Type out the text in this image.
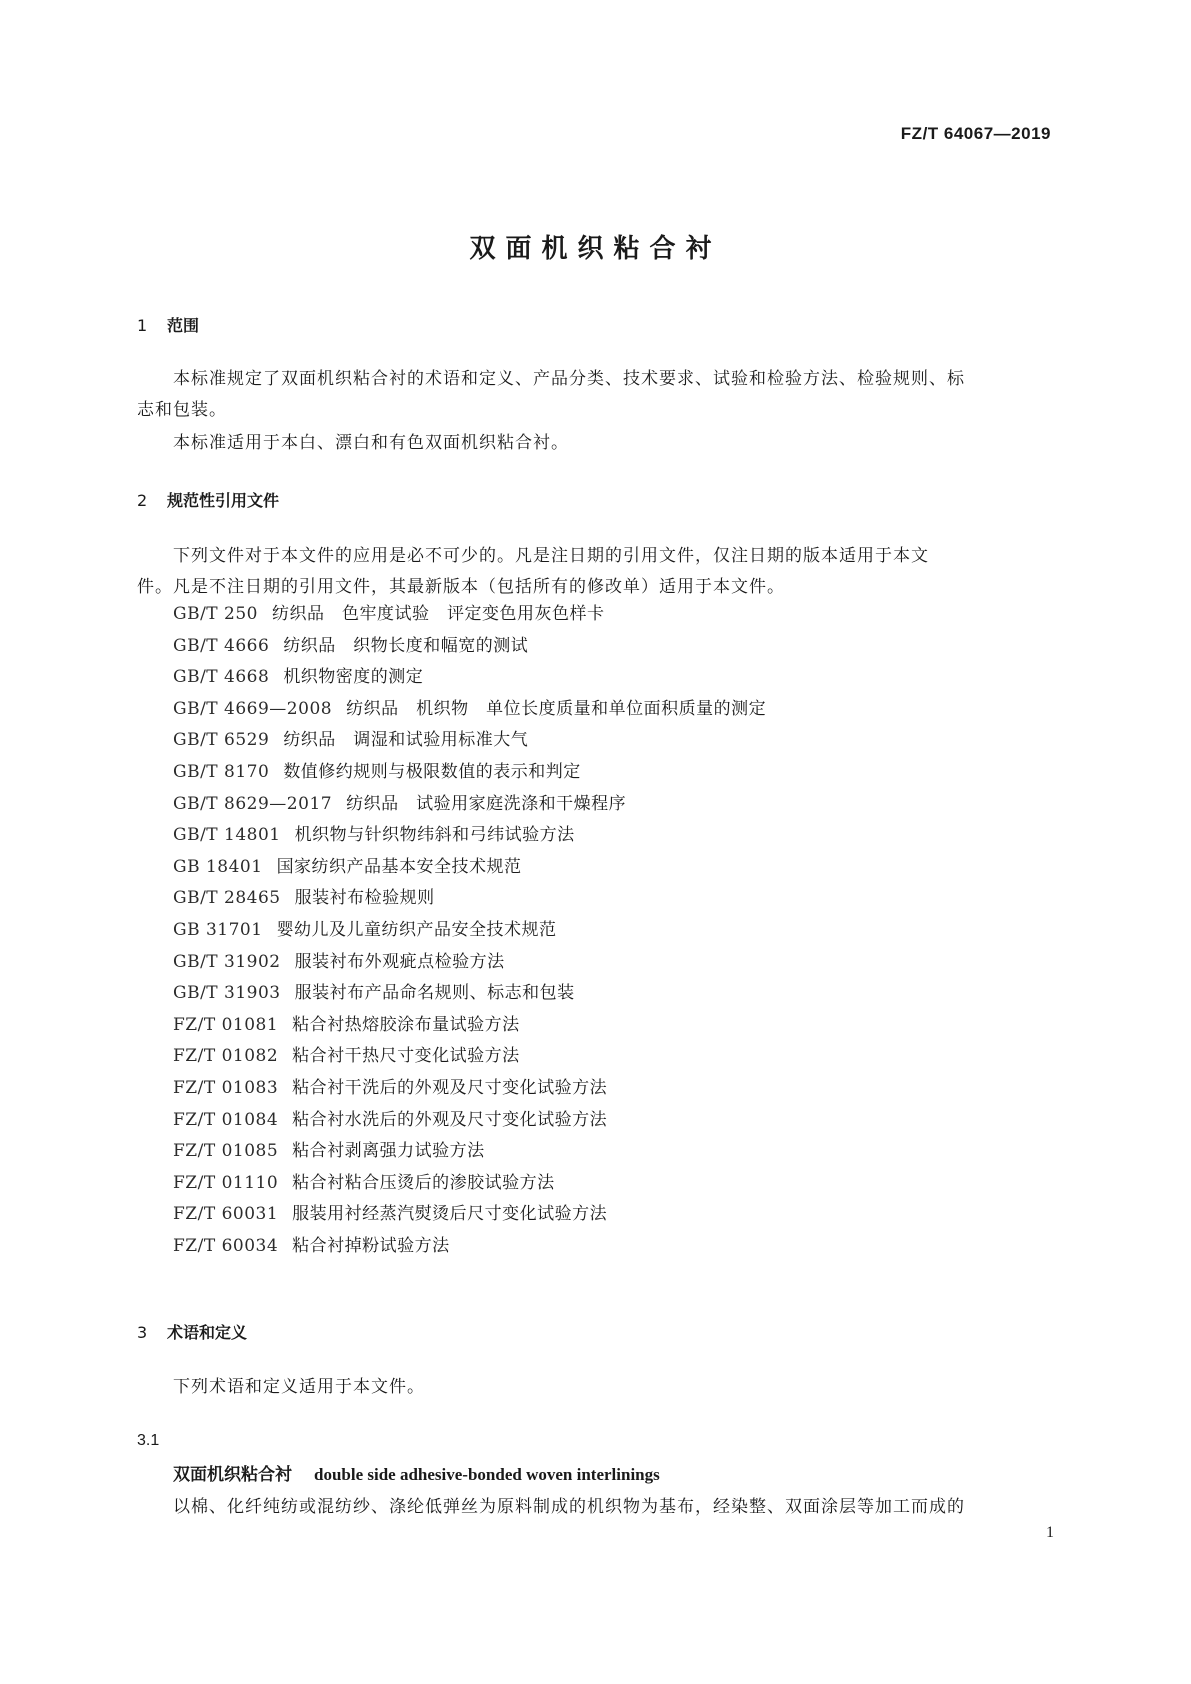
FZ/T 64067—2019
双面机织粘合衬
1 范围
本标准规定了双面机织粘合衬的术语和定义、产品分类、技术要求、试验和检验方法、检验规则、标
志和包装。
本标准适用于本白、漂白和有色双面机织粘合衬。
2 规范性引用文件
下列文件对于本文件的应用是必不可少的。凡是注日期的引用文件，仅注日期的版本适用于本文
件。凡是不注日期的引用文件，其最新版本（包括所有的修改单）适用于本文件。
GB/T 250 纺织品　色牢度试验　评定变色用灰色样卡
GB/T 4666 纺织品　织物长度和幅宽的测试
GB/T 4668 机织物密度的测定
GB/T 4669—2008 纺织品　机织物　单位长度质量和单位面积质量的测定
GB/T 6529 纺织品　调湿和试验用标准大气
GB/T 8170 数值修约规则与极限数值的表示和判定
GB/T 8629—2017 纺织品　试验用家庭洗涤和干燥程序
GB/T 14801 机织物与针织物纬斜和弓纬试验方法
GB 18401 国家纺织产品基本安全技术规范
GB/T 28465 服装衬布检验规则
GB 31701 婴幼儿及儿童纺织产品安全技术规范
GB/T 31902 服装衬布外观疵点检验方法
GB/T 31903 服装衬布产品命名规则、标志和包装
FZ/T 01081 粘合衬热熔胶涂布量试验方法
FZ/T 01082 粘合衬干热尺寸变化试验方法
FZ/T 01083 粘合衬干洗后的外观及尺寸变化试验方法
FZ/T 01084 粘合衬水洗后的外观及尺寸变化试验方法
FZ/T 01085 粘合衬剥离强力试验方法
FZ/T 01110 粘合衬粘合压烫后的渗胶试验方法
FZ/T 60031 服装用衬经蒸汽熨烫后尺寸变化试验方法
FZ/T 60034 粘合衬掉粉试验方法
3 术语和定义
下列术语和定义适用于本文件。
3.1
双面机织粘合衬 double side adhesive-bonded woven interlinings
以棉、化纤纯纺或混纺纱、涤纶低弹丝为原料制成的机织物为基布，经染整、双面涂层等加工而成的
1
